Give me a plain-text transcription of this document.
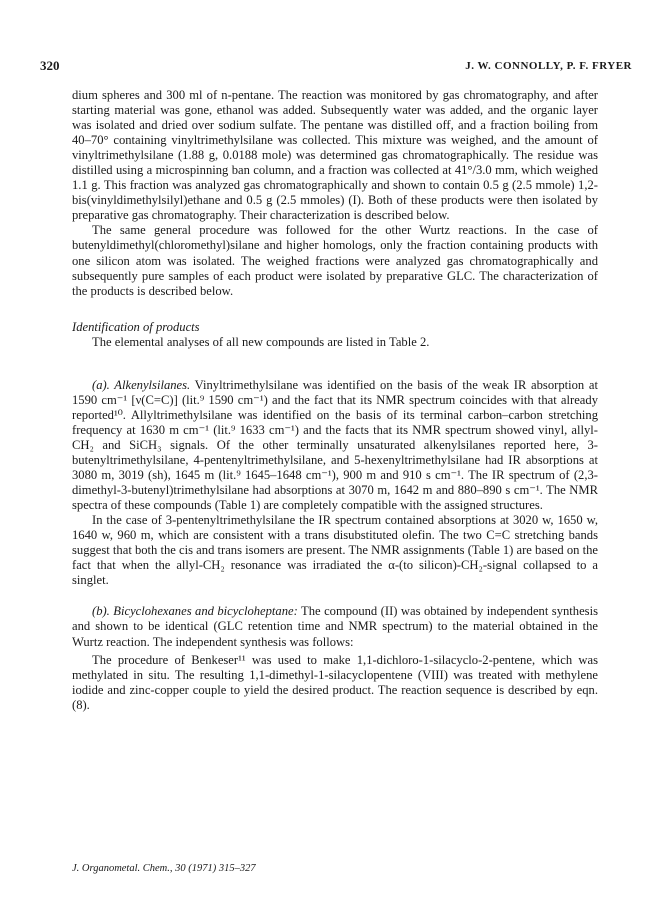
320	J. W. CONNOLLY, P. F. FRYER

dium spheres and 300 ml of n-pentane. The reaction was monitored by gas chromatography, and after starting material was gone, ethanol was added. Subsequently water was added, and the organic layer was isolated and dried over sodium sulfate. The pentane was distilled off, and a fraction boiling from 40–70° containing vinyltrimethylsilane was collected. This mixture was weighed, and the amount of vinyltrimethylsilane (1.88 g, 0.0188 mole) was determined gas chromatographically. The residue was distilled using a microspinning ban column, and a fraction was collected at 41°/3.0 mm, which weighed 1.1 g. This fraction was analyzed gas chromatographically and shown to contain 0.5 g (2.5 mmole) 1,2-bis(vinyldimethylsilyl)ethane and 0.5 g (2.5 mmoles) (I). Both of these products were then isolated by preparative gas chromatography. Their characterization is described below.

The same general procedure was followed for the other Wurtz reactions. In the case of butenyldimethyl(chloromethyl)silane and higher homologs, only the fraction containing products with one silicon atom was isolated. The weighed fractions were analyzed gas chromatographically and subsequently pure samples of each product were isolated by preparative GLC. The characterization of the products is described below.

Identification of products

The elemental analyses of all new compounds are listed in Table 2.

(a). Alkenylsilanes. Vinyltrimethylsilane was identified on the basis of the weak IR absorption at 1590 cm⁻¹ [ν(C=C)] (lit.⁹ 1590 cm⁻¹) and the fact that its NMR spectrum coincides with that already reported¹⁰. Allyltrimethylsilane was identified on the basis of its terminal carbon–carbon stretching frequency at 1630 m cm⁻¹ (lit.⁹ 1633 cm⁻¹) and the facts that its NMR spectrum showed vinyl, allyl-CH₂ and SiCH₃ signals. Of the other terminally unsaturated alkenylsilanes reported here, 3-butenyltrimethylsilane, 4-pentenyltrimethylsilane, and 5-hexenyltrimethylsilane had IR absorptions at 3080 m, 3019 (sh), 1645 m (lit.⁹ 1645–1648 cm⁻¹), 900 m and 910 s cm⁻¹. The IR spectrum of (2,3-dimethyl-3-butenyl)trimethylsilane had absorptions at 3070 m, 1642 m and 880–890 s cm⁻¹. The NMR spectra of these compounds (Table 1) are completely compatible with the assigned structures.

In the case of 3-pentenyltrimethylsilane the IR spectrum contained absorptions at 3020 w, 1650 w, 1640 w, 960 m, which are consistent with a trans disubstituted olefin. The two C=C stretching bands suggest that both the cis and trans isomers are present. The NMR assignments (Table 1) are based on the fact that when the allyl-CH₂ resonance was irradiated the α-(to silicon)-CH₂-signal collapsed to a singlet.

(b). Bicyclohexanes and bicycloheptane: The compound (II) was obtained by independent synthesis and shown to be identical (GLC retention time and NMR spectrum) to the material obtained in the Wurtz reaction. The independent synthesis was follows:

The procedure of Benkeser¹¹ was used to make 1,1-dichloro-1-silacyclo-2-pentene, which was methylated in situ. The resulting 1,1-dimethyl-1-silacyclopentene (VIII) was treated with methylene iodide and zinc-copper couple to yield the desired product. The reaction sequence is described by eqn. (8).

J. Organometal. Chem., 30 (1971) 315–327
